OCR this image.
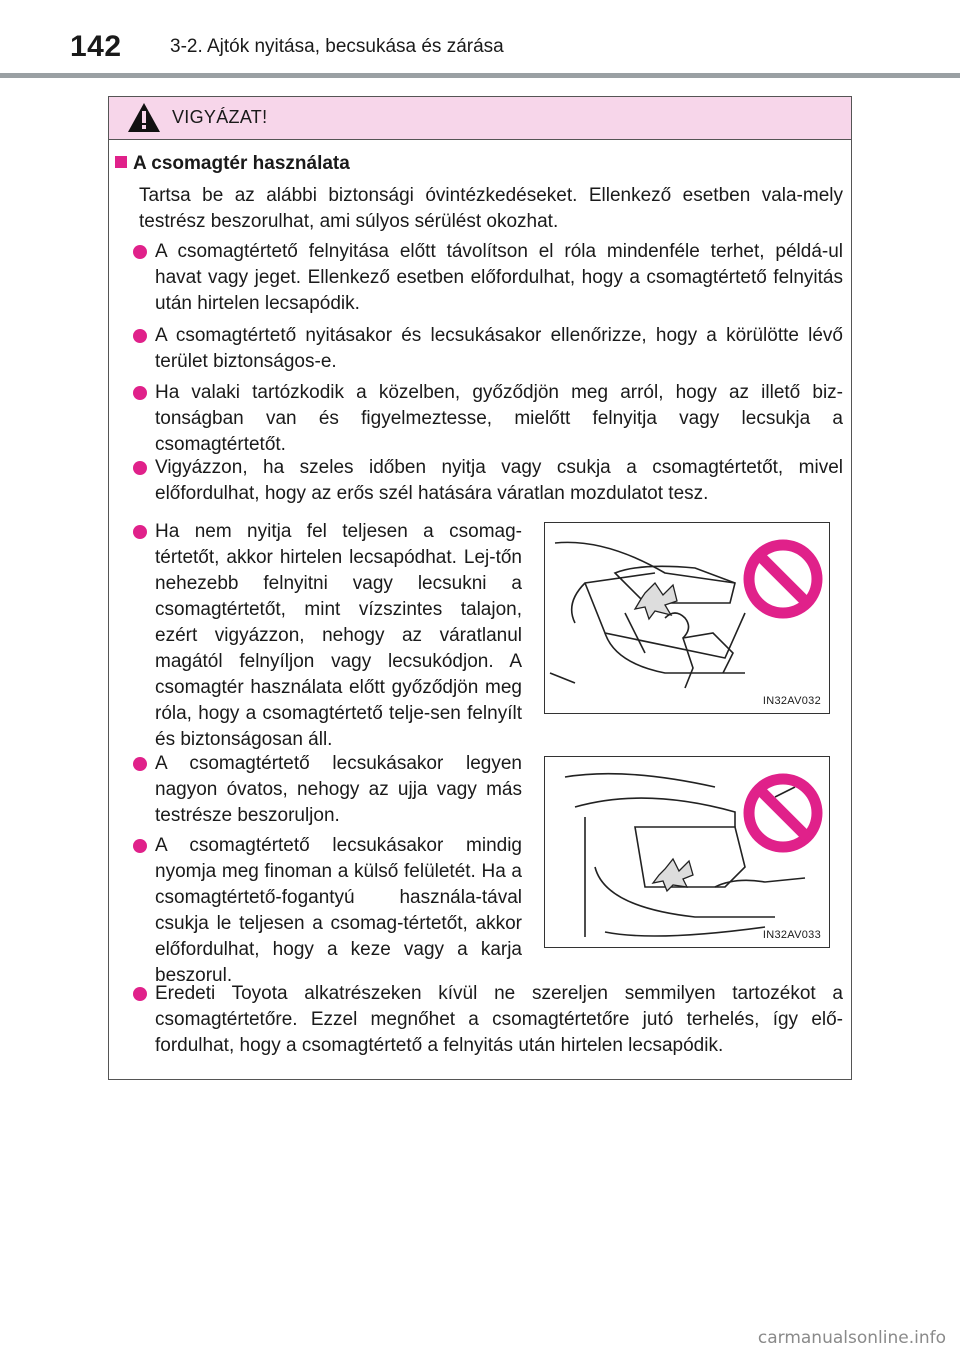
142	3-2. Ajtók nyitása, becsukása és zárása
VIGYÁZAT!
A csomagtér használata
Tartsa be az alábbi biztonsági óvintézkedéseket. Ellenkező esetben vala-mely testrész beszorulhat, ami súlyos sérülést okozhat.
A csomagtértető felnyitása előtt távolítson el róla mindenféle terhet, példá-ul havat vagy jeget. Ellenkező esetben előfordulhat, hogy a csomagtértető felnyitás után hirtelen lecsapódik.
A csomagtértető nyitásakor és lecsukásakor ellenőrizze, hogy a körülötte lévő terület biztonságos-e.
Ha valaki tartózkodik a közelben, győződjön meg arról, hogy az illető biz-tonságban van és figyelmeztesse, mielőtt felnyitja vagy lecsukja a csomagtértetőt.
Vigyázzon, ha szeles időben nyitja vagy csukja a csomagtértetőt, mivel előfordulhat, hogy az erős szél hatására váratlan mozdulatot tesz.
Ha nem nyitja fel teljesen a csomag-tértetőt, akkor hirtelen lecsapódhat. Lej-tőn nehezebb felnyitni vagy lecsukni a csomagtértetőt, mint vízszintes talajon, ezért vigyázzon, nehogy az váratlanul magától felnyíljon vagy lecsukódjon. A csomagtér használata előtt győződjön meg róla, hogy a csomagtértető telje-sen felnyílt és biztonságosan áll.
IN32AV032
A csomagtértető lecsukásakor legyen nagyon óvatos, nehogy az ujja vagy más testrésze beszoruljon.
A csomagtértető lecsukásakor mindig nyomja meg finoman a külső felületét. Ha a csomagtértető-fogantyú használa-tával csukja le teljesen a csomag-tértetőt, akkor előfordulhat, hogy a keze vagy a karja beszorul.
IN32AV033
Eredeti Toyota alkatrészeken kívül ne szereljen semmilyen tartozékot a csomagtértetőre. Ezzel megnőhet a csomagtértetőre jutó terhelés, így elő-fordulhat, hogy a csomagtértető a felnyitás után hirtelen lecsapódik.
carmanualsonline.info
